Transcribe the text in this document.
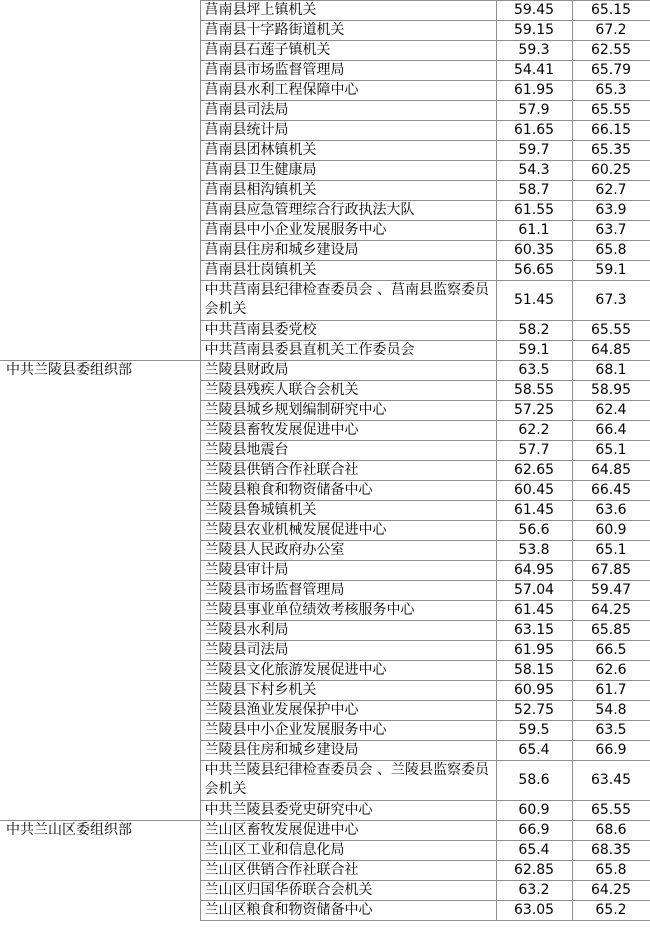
	莒南县坪上镇机关	59.45	65.15
	莒南县十字路街道机关	59.15	67.2
	莒南县石莲子镇机关	59.3	62.55
	莒南县市场监督管理局	54.41	65.79
	莒南县水利工程保障中心	61.95	65.3
	莒南县司法局	57.9	65.55
	莒南县统计局	61.65	66.15
	莒南县团林镇机关	59.7	65.35
	莒南县卫生健康局	54.3	60.25
	莒南县相沟镇机关	58.7	62.7
	莒南县应急管理综合行政执法大队	61.55	63.9
	莒南县中小企业发展服务中心	61.1	63.7
	莒南县住房和城乡建设局	60.35	65.8
	莒南县壮岗镇机关	56.65	59.1
	中共莒南县纪律检查委员会 、莒南县监察委员会机关	51.45	67.3
	中共莒南县委党校	58.2	65.55
	中共莒南县委县直机关工作委员会	59.1	64.85
中共兰陵县委组织部	兰陵县财政局	63.5	68.1
	兰陵县残疾人联合会机关	58.55	58.95
	兰陵县城乡规划编制研究中心	57.25	62.4
	兰陵县畜牧发展促进中心	62.2	66.4
	兰陵县地震台	57.7	65.1
	兰陵县供销合作社联合社	62.65	64.85
	兰陵县粮食和物资储备中心	60.45	66.45
	兰陵县鲁城镇机关	61.45	63.6
	兰陵县农业机械发展促进中心	56.6	60.9
	兰陵县人民政府办公室	53.8	65.1
	兰陵县审计局	64.95	67.85
	兰陵县市场监督管理局	57.04	59.47
	兰陵县事业单位绩效考核服务中心	61.45	64.25
	兰陵县水利局	63.15	65.85
	兰陵县司法局	61.95	66.5
	兰陵县文化旅游发展促进中心	58.15	62.6
	兰陵县下村乡机关	60.95	61.7
	兰陵县渔业发展保护中心	52.75	54.8
	兰陵县中小企业发展服务中心	59.5	63.5
	兰陵县住房和城乡建设局	65.4	66.9
	中共兰陵县纪律检查委员会 、兰陵县监察委员会机关	58.6	63.45
	中共兰陵县委党史研究中心	60.9	65.55
中共兰山区委组织部	兰山区畜牧发展促进中心	66.9	68.6
	兰山区工业和信息化局	65.4	68.35
	兰山区供销合作社联合社	62.85	65.8
	兰山区归国华侨联合会机关	63.2	64.25
	兰山区粮食和物资储备中心	63.05	65.2
